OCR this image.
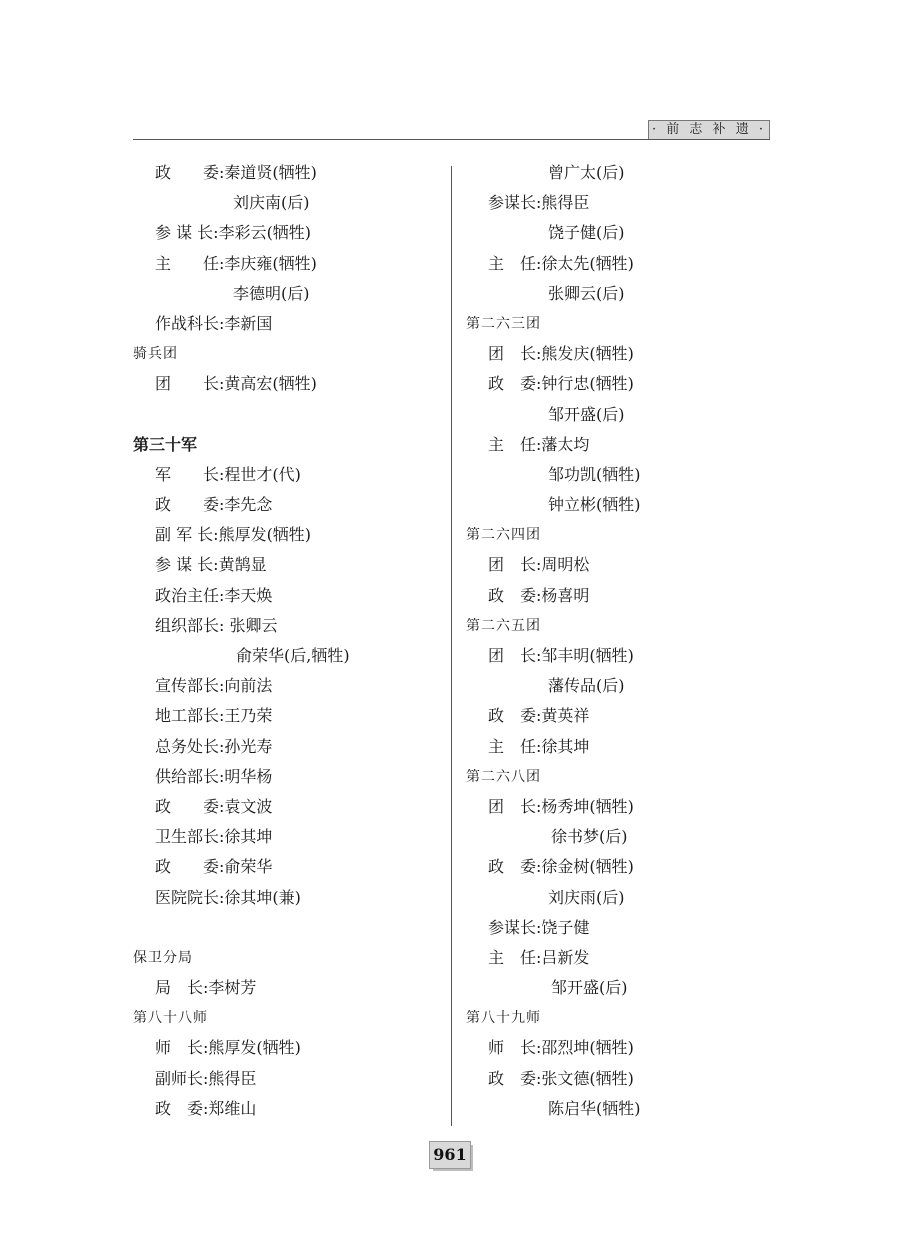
· 前 志 补 遗 ·
政　　委:秦道贤(牺牲)
刘庆南(后)
参 谋 长:李彩云(牺牲)
主　　任:李庆雍(牺牲)
李德明(后)
作战科长:李新国
骑兵团
团　　长:黄高宏(牺牲)
第三十军
军　　长:程世才(代)
政　　委:李先念
副 军 长:熊厚发(牺牲)
参 谋 长:黄鹄显
政治主任:李天焕
组织部长: 张卿云
俞荣华(后,牺牲)
宣传部长:向前法
地工部长:王乃荣
总务处长:孙光寿
供给部长:明华杨
政　　委:袁文波
卫生部长:徐其坤
政　　委:俞荣华
医院院长:徐其坤(兼)
保卫分局
局　长:李树芳
第八十八师
师　长:熊厚发(牺牲)
副师长:熊得臣
政　委:郑维山
曾广太(后)
参谋长:熊得臣
饶子健(后)
主　任:徐太先(牺牲)
张卿云(后)
第二六三团
团　长:熊发庆(牺牲)
政　委:钟行忠(牺牲)
邹开盛(后)
主　任:藩太均
邹功凯(牺牲)
钟立彬(牺牲)
第二六四团
团　长:周明松
政　委:杨喜明
第二六五团
团　长:邹丰明(牺牲)
藩传品(后)
政　委:黄英祥
主　任:徐其坤
第二六八团
团　长:杨秀坤(牺牲)
徐书梦(后)
政　委:徐金树(牺牲)
刘庆雨(后)
参谋长:饶子健
主　任:吕新发
邹开盛(后)
第八十九师
师　长:邵烈坤(牺牲)
政　委:张文德(牺牲)
陈启华(牺牲)
961
